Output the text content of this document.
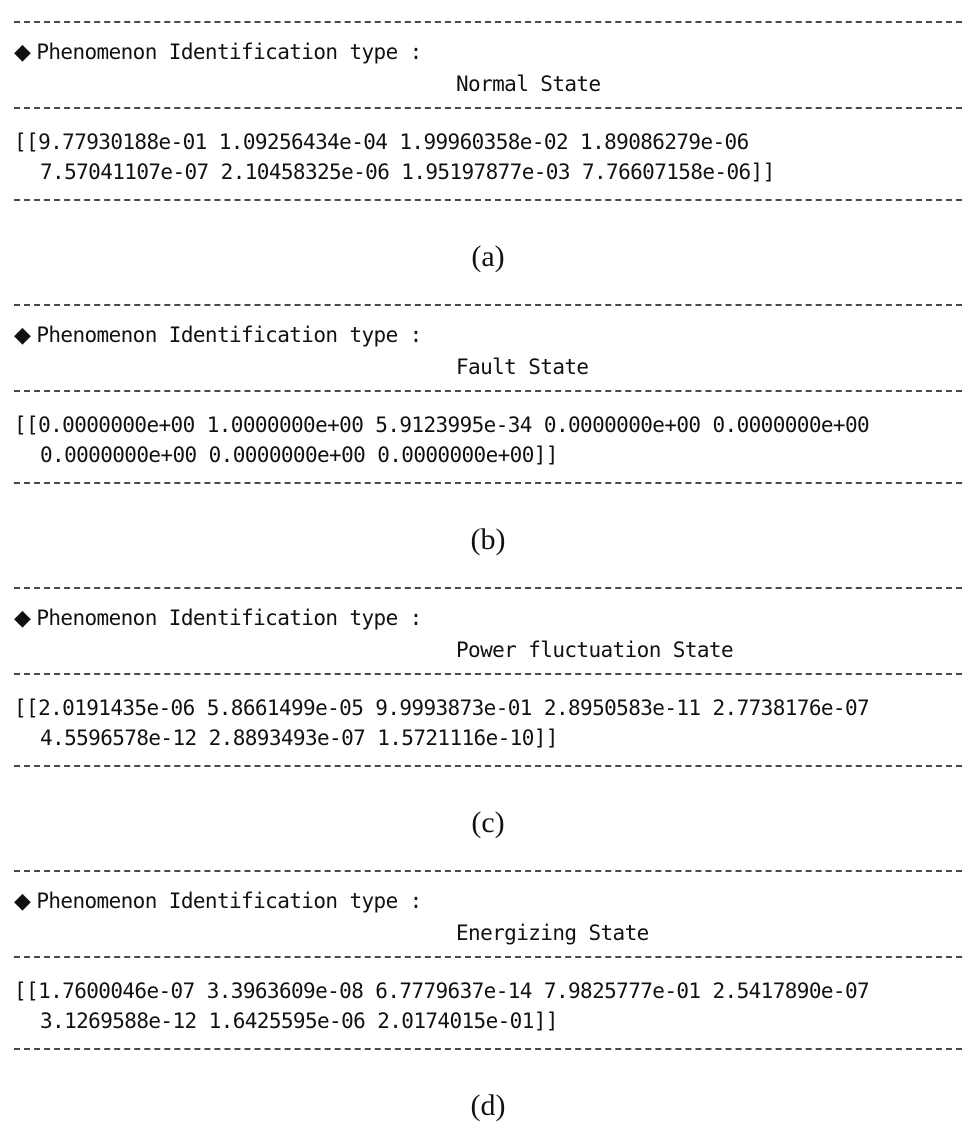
◆ Phenomenon Identification type :
Normal State
[[9.77930188e-01 1.09256434e-04 1.99960358e-02 1.89086279e-06
7.57041107e-07 2.10458325e-06 1.95197877e-03 7.76607158e-06]]
(a)
◆ Phenomenon Identification type :
Fault State
[[0.0000000e+00 1.0000000e+00 5.9123995e-34 0.0000000e+00 0.0000000e+00
0.0000000e+00 0.0000000e+00 0.0000000e+00]]
(b)
◆ Phenomenon Identification type :
Power fluctuation State
[[2.0191435e-06 5.8661499e-05 9.9993873e-01 2.8950583e-11 2.7738176e-07
4.5596578e-12 2.8893493e-07 1.5721116e-10]]
(c)
◆ Phenomenon Identification type :
Energizing State
[[1.7600046e-07 3.3963609e-08 6.7779637e-14 7.9825777e-01 2.5417890e-07
3.1269588e-12 1.6425595e-06 2.0174015e-01]]
(d)
